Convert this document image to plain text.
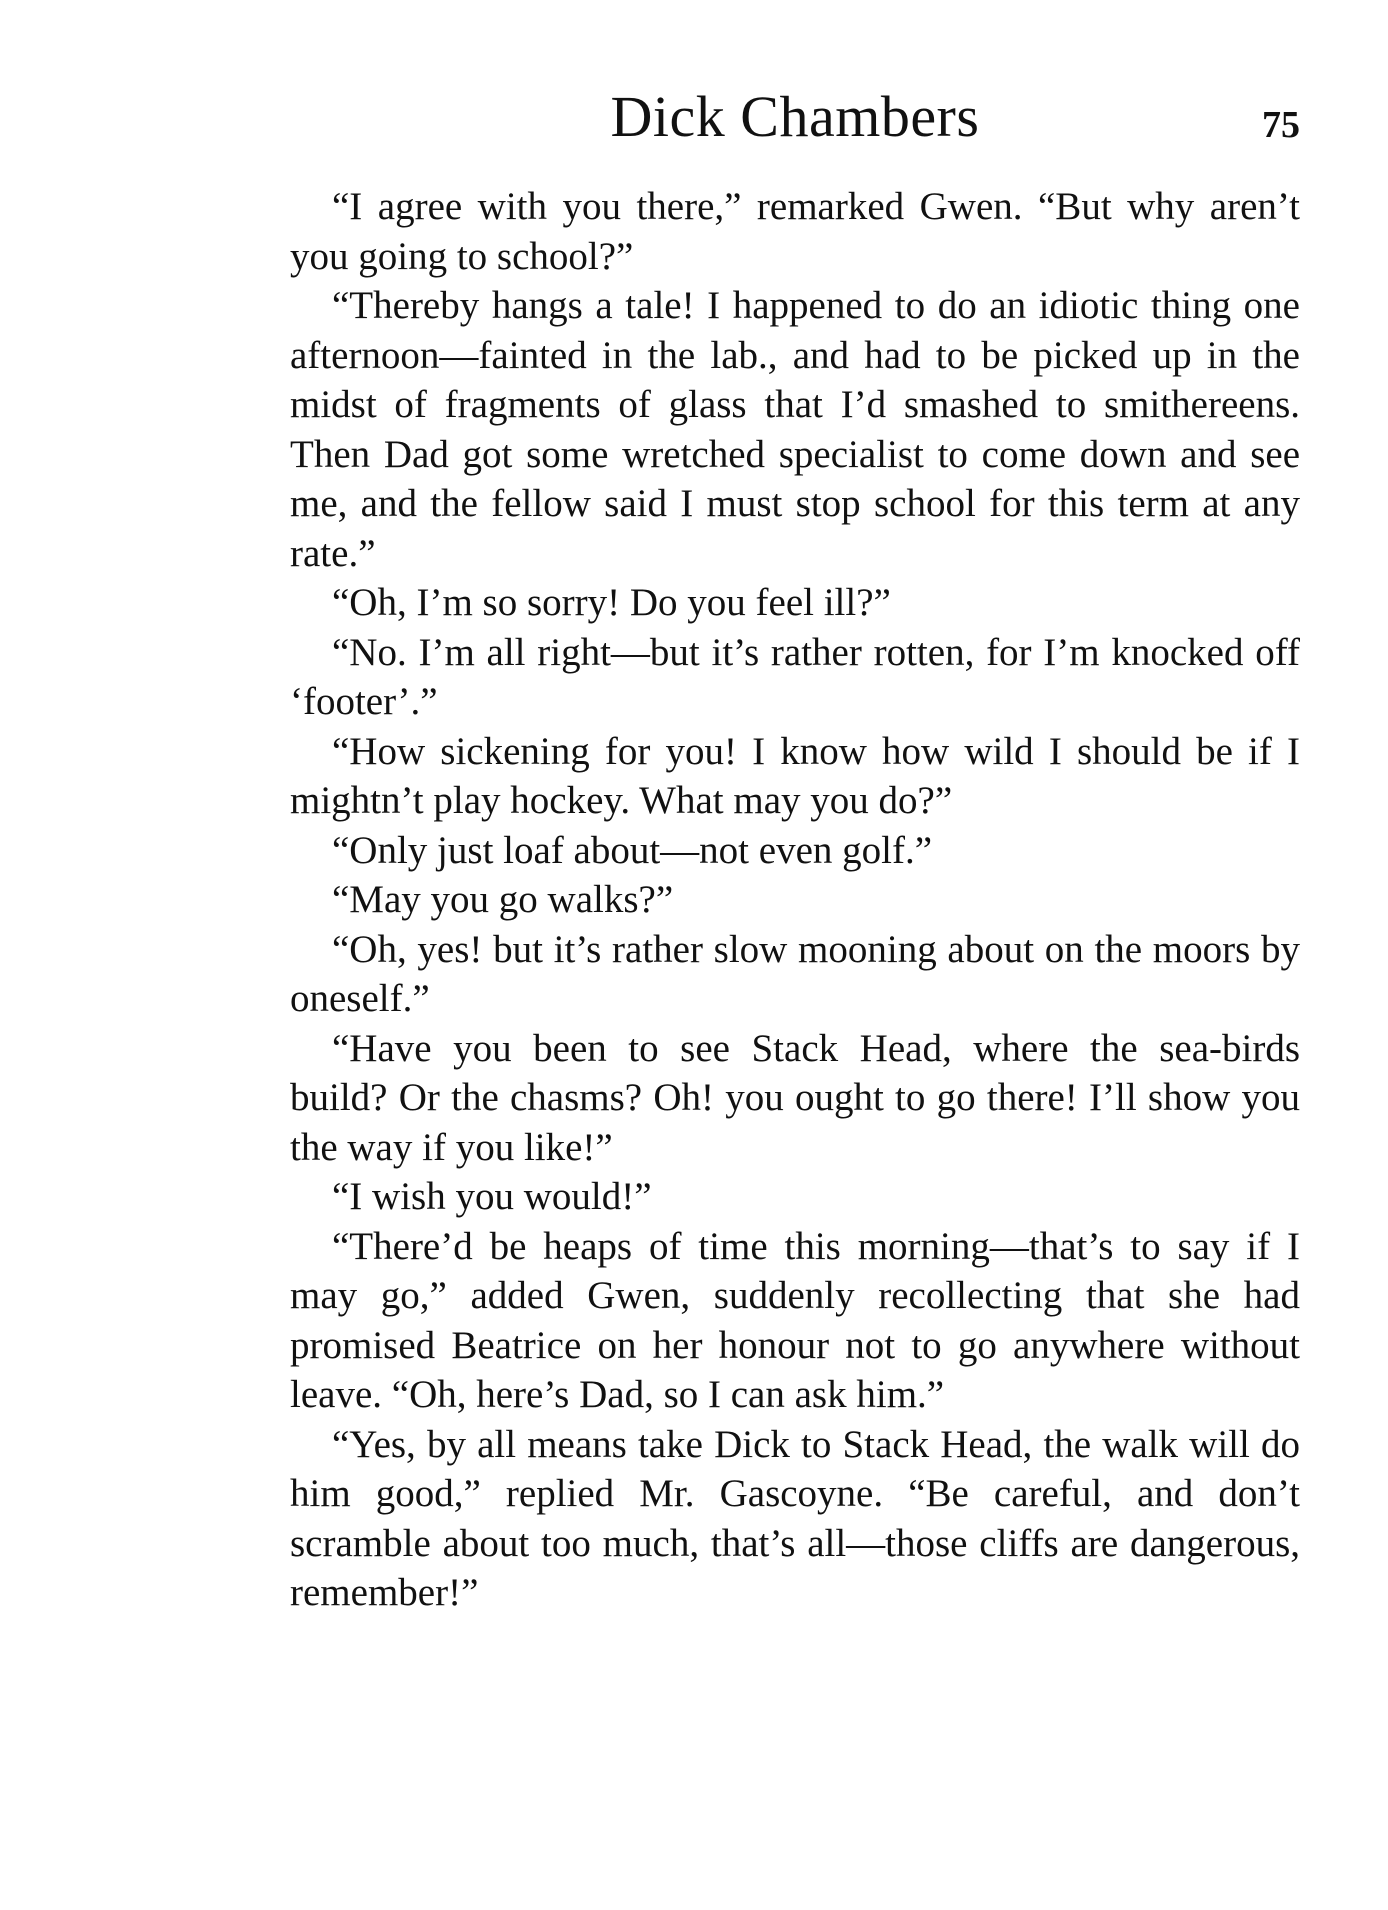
Dick Chambers	75

“I agree with you there,” remarked Gwen. “But why aren’t you going to school?”

“Thereby hangs a tale! I happened to do an idiotic thing one afternoon—fainted in the lab., and had to be picked up in the midst of fragments of glass that I’d smashed to smithereens. Then Dad got some wretched specialist to come down and see me, and the fellow said I must stop school for this term at any rate.”

“Oh, I’m so sorry! Do you feel ill?”

“No. I’m all right—but it’s rather rotten, for I’m knocked off ‘footer’.”

“How sickening for you! I know how wild I should be if I mightn’t play hockey. What may you do?”

“Only just loaf about—not even golf.”

“May you go walks?”

“Oh, yes! but it’s rather slow mooning about on the moors by oneself.”

“Have you been to see Stack Head, where the sea-birds build? Or the chasms? Oh! you ought to go there! I’ll show you the way if you like!”

“I wish you would!”

“There’d be heaps of time this morning—that’s to say if I may go,” added Gwen, suddenly recollecting that she had promised Beatrice on her honour not to go anywhere without leave. “Oh, here’s Dad, so I can ask him.”

“Yes, by all means take Dick to Stack Head, the walk will do him good,” replied Mr. Gascoyne. “Be careful, and don’t scramble about too much, that’s all—those cliffs are dangerous, remember!”
